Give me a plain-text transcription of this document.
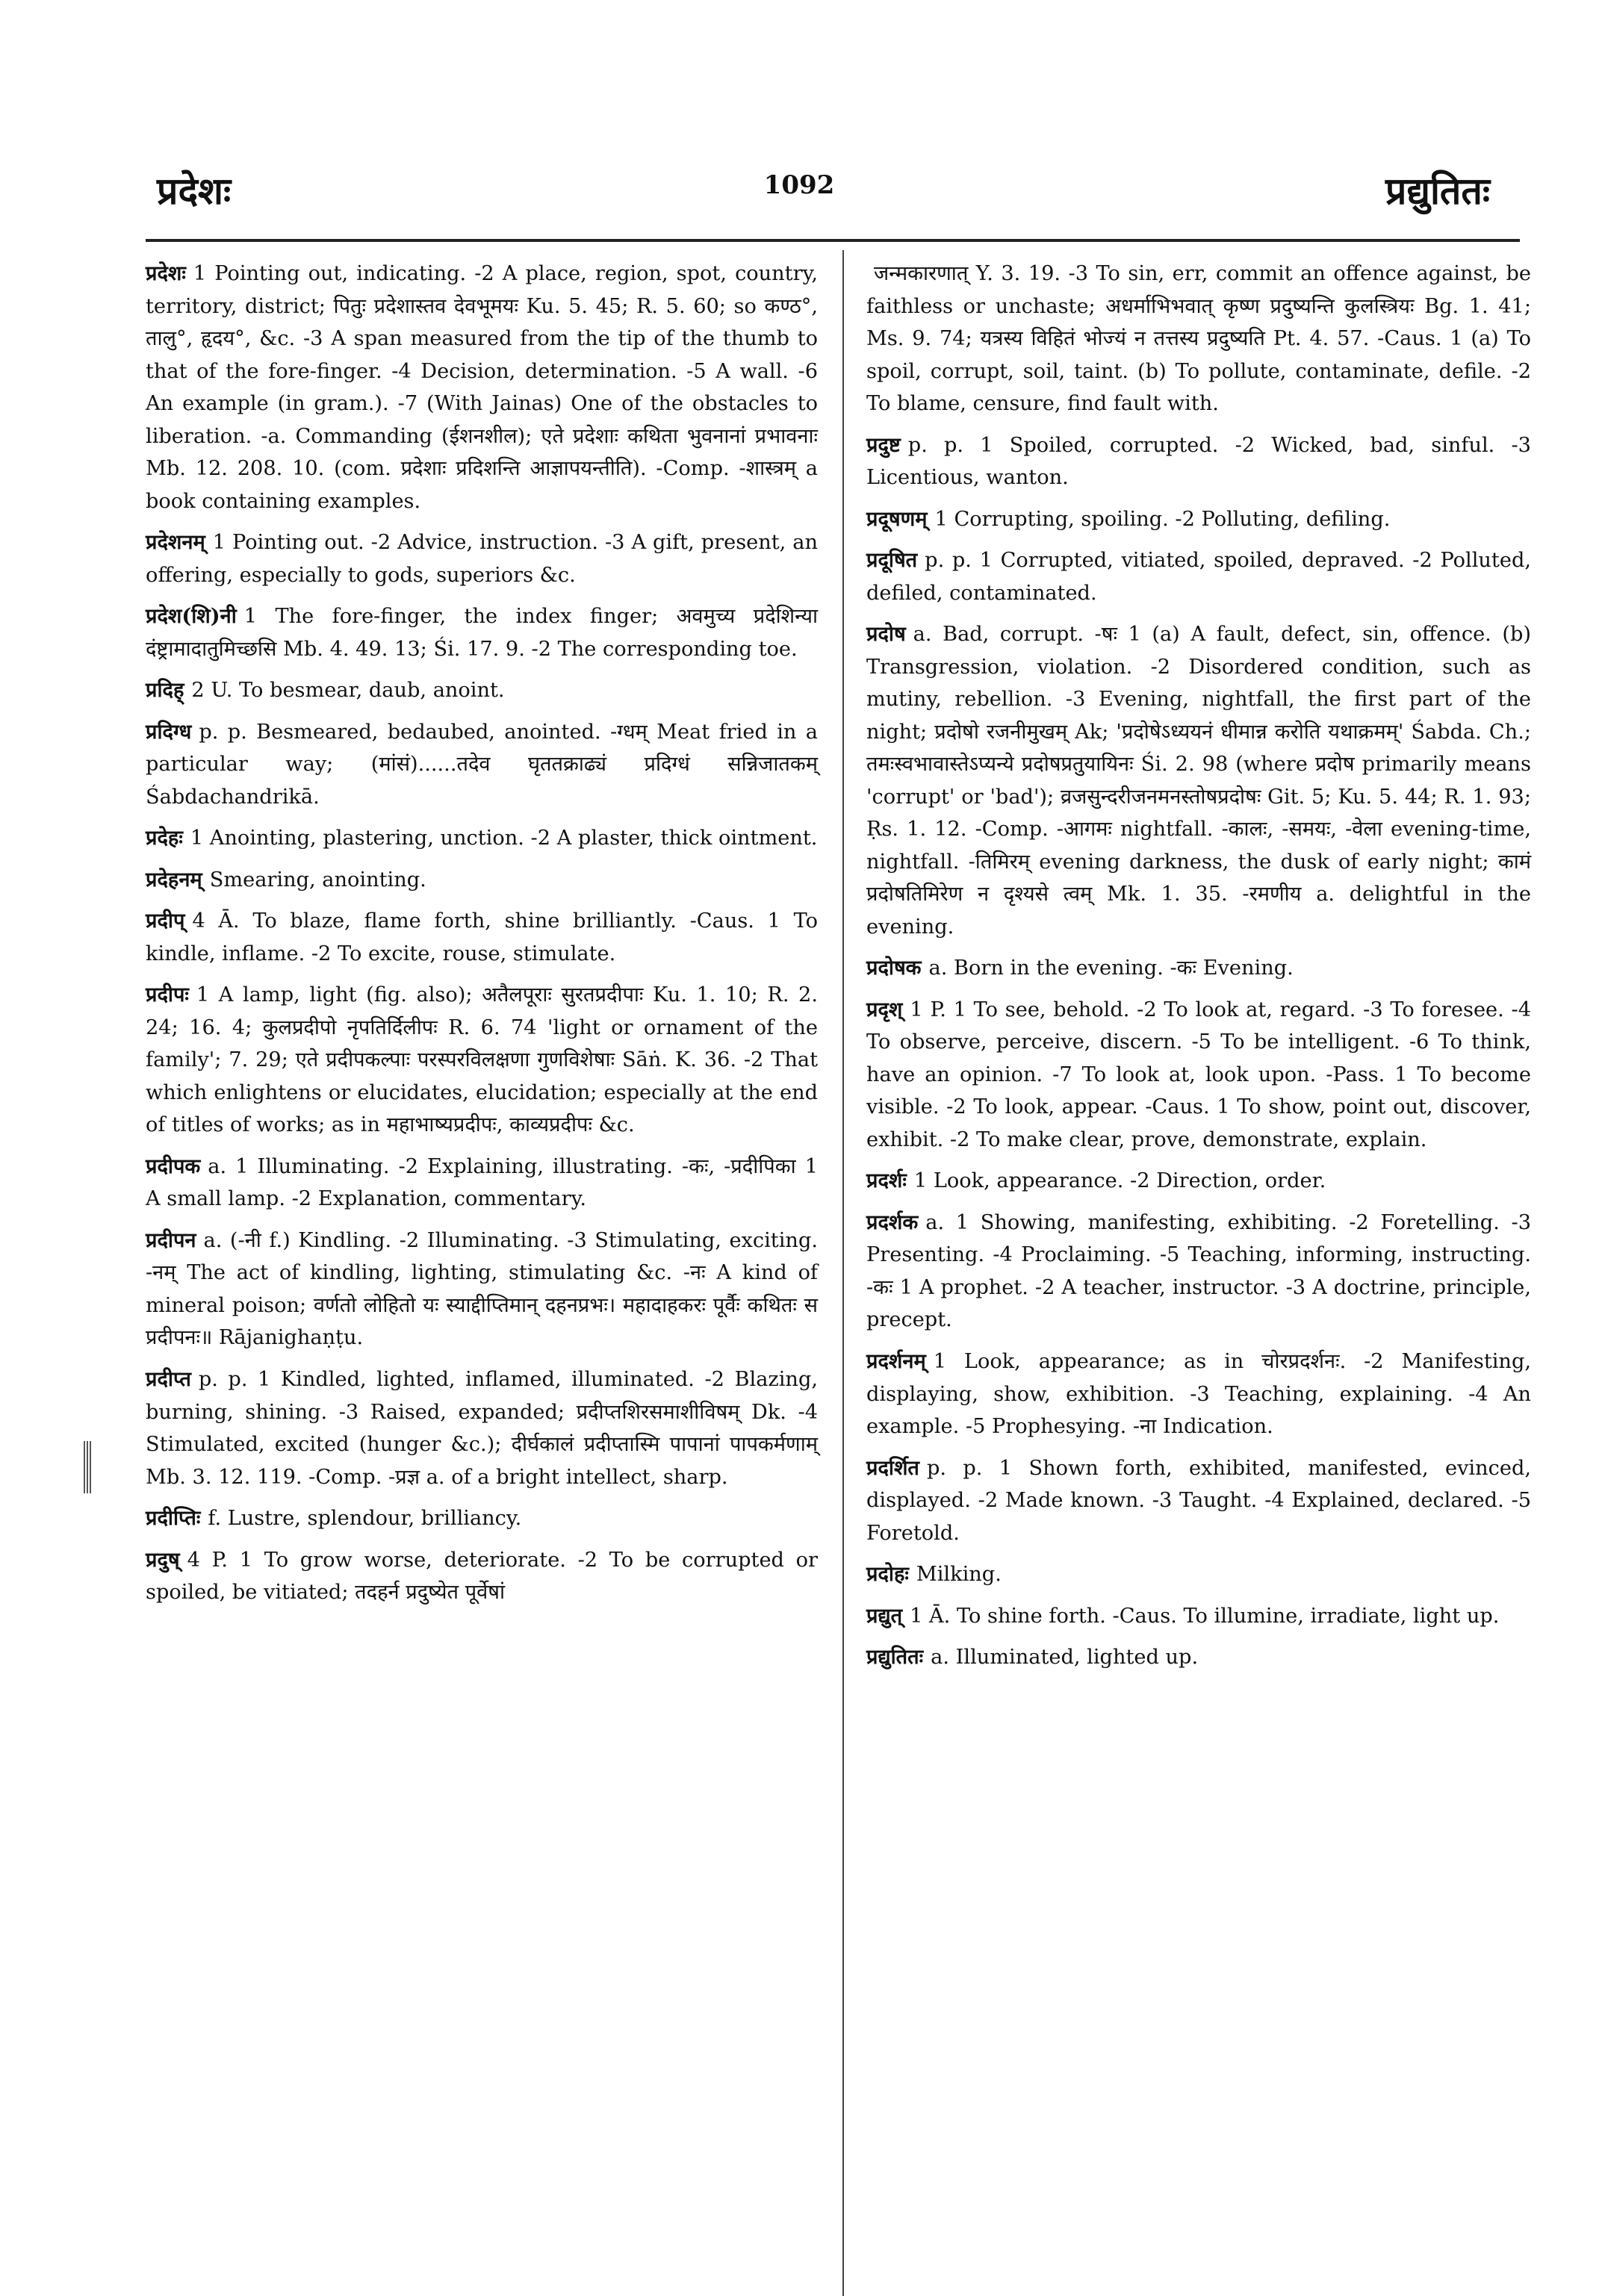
प्रदेशः	1092	प्रद्युतितः

प्रदेशः 1 Pointing out, indicating. -2 A place, region, spot, country, territory, district; पितुः प्रदेशास्तव देवभूमयः Ku. 5. 45; R. 5. 60; so कण्ठ°, तालु°, हृदय°, &c. -3 A span measured from the tip of the thumb to that of the fore-finger. -4 Decision, determination. -5 A wall. -6 An example (in gram.). -7 (With Jainas) One of the obstacles to liberation. -a. Commanding (ईशनशील); एते प्रदेशाः कथिता भुवनानां प्रभावनाः Mb. 12. 208. 10. (com. प्रदेशाः प्रदिशन्ति आज्ञापयन्तीति). -Comp. -शास्त्रम् a book containing examples.

प्रदेशनम् 1 Pointing out. -2 Advice, instruction. -3 A gift, present, an offering, especially to gods, superiors &c.

प्रदेश(शि)नी 1 The fore-finger, the index finger; अवमुच्य प्रदेशिन्या दंष्ट्रामादातुमिच्छसि Mb. 4. 49. 13; Śi. 17. 9. -2 The corresponding toe.

प्रदिह् 2 U. To besmear, daub, anoint.

प्रदिग्ध p. p. Besmeared, bedaubed, anointed. -ग्धम् Meat fried in a particular way; (मांसं)......तदेव घृततक्राढ्यं प्रदिग्धं सन्निजातकम् Śabdachandrikā.

प्रदेहः 1 Anointing, plastering, unction. -2 A plaster, thick ointment.

प्रदेहनम् Smearing, anointing.

प्रदीप् 4 Ā. To blaze, flame forth, shine brilliantly. -Caus. 1 To kindle, inflame. -2 To excite, rouse, stimulate.

प्रदीपः 1 A lamp, light (fig. also); अतैलपूराः सुरतप्रदीपाः Ku. 1. 10; R. 2. 24; 16. 4; कुलप्रदीपो नृपतिर्दिलीपः R. 6. 74 'light or ornament of the family'; 7. 29; एते प्रदीपकल्पाः परस्परविलक्षणा गुणविशेषाः Sāṅ. K. 36. -2 That which enlightens or elucidates, elucidation; especially at the end of titles of works; as in महाभाष्यप्रदीपः, काव्यप्रदीपः &c.

प्रदीपक a. 1 Illuminating. -2 Explaining, illustrating. -कः, -प्रदीपिका 1 A small lamp. -2 Explanation, commentary.

प्रदीपन a. (-नी f.) Kindling. -2 Illuminating. -3 Stimulating, exciting. -नम् The act of kindling, lighting, stimulating &c. -नः A kind of mineral poison; वर्णतो लोहितो यः स्याद्दीप्तिमान् दहनप्रभः। महादाहकरः पूर्वैः कथितः स प्रदीपनः॥ Rājanighaṇṭu.

प्रदीप्त p. p. 1 Kindled, lighted, inflamed, illuminated. -2 Blazing, burning, shining. -3 Raised, expanded; प्रदीप्तशिरसमाशीविषम् Dk. -4 Stimulated, excited (hunger &c.); दीर्घकालं प्रदीप्तास्मि पापानां पापकर्मणाम् Mb. 3. 12. 119. -Comp. -प्रज्ञ a. of a bright intellect, sharp.

प्रदीप्तिः f. Lustre, splendour, brilliancy.

प्रदुष् 4 P. 1 To grow worse, deteriorate. -2 To be corrupted or spoiled, be vitiated; तदहर्न प्रदुष्येत पूर्वेषां

जन्मकारणात् Y. 3. 19. -3 To sin, err, commit an offence against, be faithless or unchaste; अधर्माभिभवात् कृष्ण प्रदुष्यन्ति कुलस्त्रियः Bg. 1. 41; Ms. 9. 74; यत्रस्य विहितं भोज्यं न तत्तस्य प्रदुष्यति Pt. 4. 57. -Caus. 1 (a) To spoil, corrupt, soil, taint. (b) To pollute, contaminate, defile. -2 To blame, censure, find fault with.

प्रदुष्ट p. p. 1 Spoiled, corrupted. -2 Wicked, bad, sinful. -3 Licentious, wanton.

प्रदूषणम् 1 Corrupting, spoiling. -2 Polluting, defiling.

प्रदूषित p. p. 1 Corrupted, vitiated, spoiled, depraved. -2 Polluted, defiled, contaminated.

प्रदोष a. Bad, corrupt. -षः 1 (a) A fault, defect, sin, offence. (b) Transgression, violation. -2 Disordered condition, such as mutiny, rebellion. -3 Evening, nightfall, the first part of the night; प्रदोषो रजनीमुखम् Ak; 'प्रदोषेऽध्ययनं धीमान्न करोति यथाक्रमम्' Śabda. Ch.; तमःस्वभावास्तेऽप्यन्ये प्रदोषप्रतुयायिनः Śi. 2. 98 (where प्रदोष primarily means 'corrupt' or 'bad'); व्रजसुन्दरीजनमनस्तोषप्रदोषः Git. 5; Ku. 5. 44; R. 1. 93; Ṛs. 1. 12. -Comp. -आगमः nightfall. -कालः, -समयः, -वेला evening-time, nightfall. -तिमिरम् evening darkness, the dusk of early night; कामं प्रदोषतिमिरेण न दृश्यसे त्वम् Mk. 1. 35. -रमणीय a. delightful in the evening.

प्रदोषक a. Born in the evening. -कः Evening.

प्रदृश् 1 P. 1 To see, behold. -2 To look at, regard. -3 To foresee. -4 To observe, perceive, discern. -5 To be intelligent. -6 To think, have an opinion. -7 To look at, look upon. -Pass. 1 To become visible. -2 To look, appear. -Caus. 1 To show, point out, discover, exhibit. -2 To make clear, prove, demonstrate, explain.

प्रदर्शः 1 Look, appearance. -2 Direction, order.

प्रदर्शक a. 1 Showing, manifesting, exhibiting. -2 Foretelling. -3 Presenting. -4 Proclaiming. -5 Teaching, informing, instructing. -कः 1 A prophet. -2 A teacher, instructor. -3 A doctrine, principle, precept.

प्रदर्शनम् 1 Look, appearance; as in चोरप्रदर्शनः. -2 Manifesting, displaying, show, exhibition. -3 Teaching, explaining. -4 An example. -5 Prophesying. -ना Indication.

प्रदर्शित p. p. 1 Shown forth, exhibited, manifested, evinced, displayed. -2 Made known. -3 Taught. -4 Explained, declared. -5 Foretold.

प्रदोहः Milking.

प्रद्युत् 1 Ā. To shine forth. -Caus. To illumine, irradiate, light up.

प्रद्युतितः a. Illuminated, lighted up.
